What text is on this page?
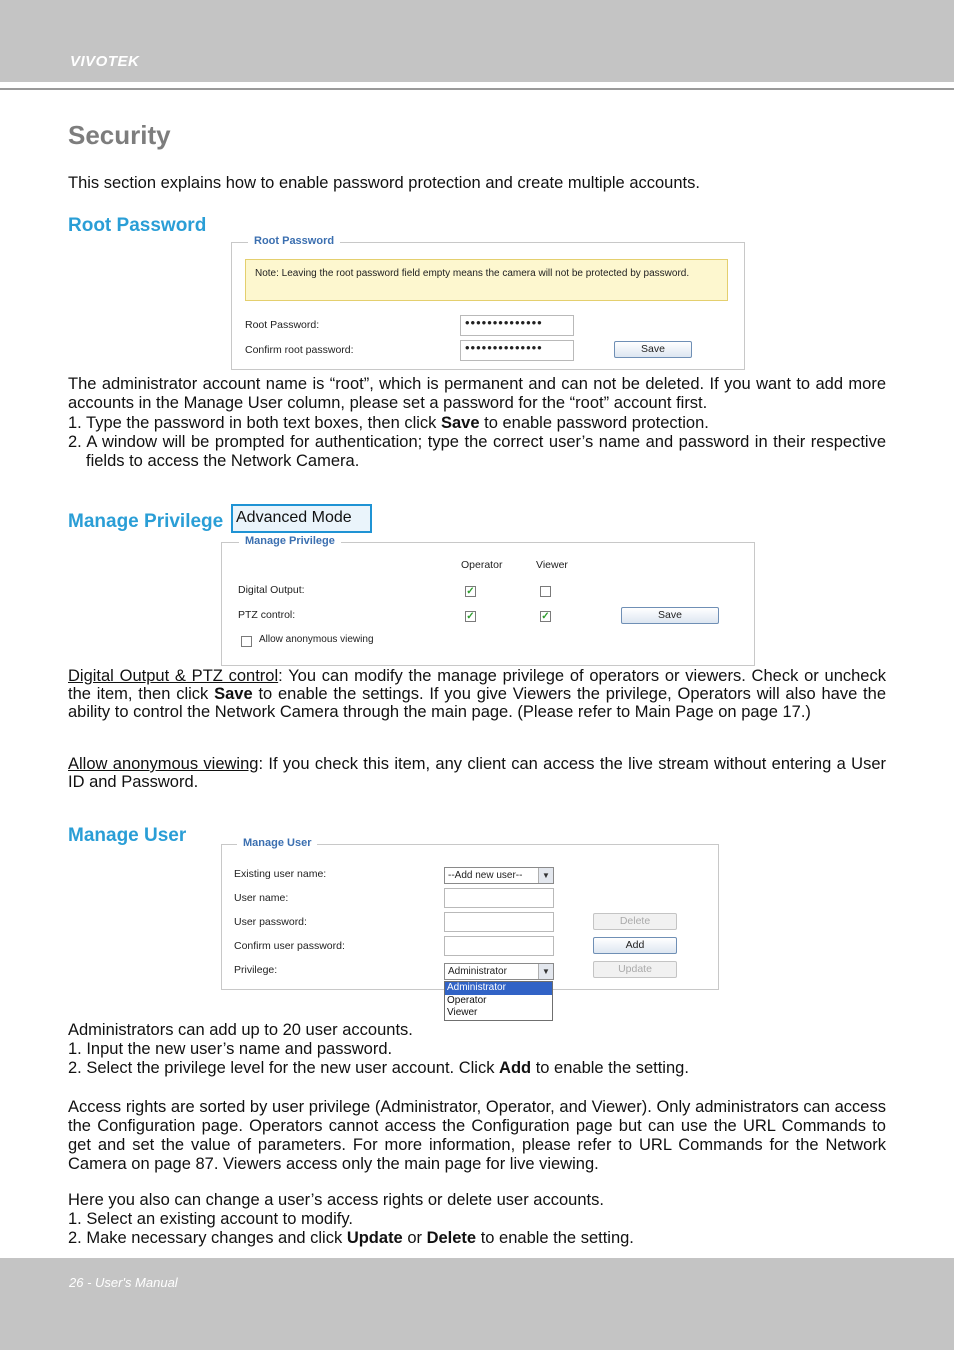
VIVOTEK
26 - User's Manual
Security

This section explains how to enable password protection and create multiple accounts.

Root Password
Root Password
Note: Leaving the root password field empty means the camera will not be protected by password.
Root Password:	••••••••••••••
Confirm root password:	••••••••••••••	Save

The administrator account name is “root”, which is permanent and can not be deleted. If you want to add more accounts in the Manage User column, please set a password for the “root” account first.

1. Type the password in both text boxes, then click Save to enable password protection.
2. A window will be prompted for authentication; type the correct user’s name and password in their respective fields to access the Network Camera.
Manage Privilege Advanced Mode
Manage Privilege
Operator	Viewer
Digital Output:	✓
PTZ control:	✓	✓	Save
Allow anonymous viewing

Digital Output & PTZ control: You can modify the manage privilege of operators or viewers. Check or uncheck the item, then click Save to enable the settings. If you give Viewers the privilege, Operators will also have the ability to control the Network Camera through the main page. (Please refer to Main Page on page 17.)

Allow anonymous viewing: If you check this item, any client can access the live stream without entering a User ID and Password.

Manage User	Manage User
Existing user name:	--Add new user--	▼
User name:
User password:
Confirm user password:
Privilege:	Administrator	▼
Delete
Add
Update
Administrator
Operator
Viewer
Administrators can add up to 20 user accounts.
1. Input the new user’s name and password.
2. Select the privilege level for the new user account. Click Add to enable the setting.

Access rights are sorted by user privilege (Administrator, Operator, and Viewer). Only administrators can access the Configuration page. Operators cannot access the Configuration page but can use the URL Commands to get and set the value of parameters. For more information, please refer to URL Commands for the Network Camera on page 87. Viewers access only the main page for live viewing.

Here you also can change a user’s access rights or delete user accounts.
1. Select an existing account to modify.
2. Make necessary changes and click Update or Delete to enable the setting.
